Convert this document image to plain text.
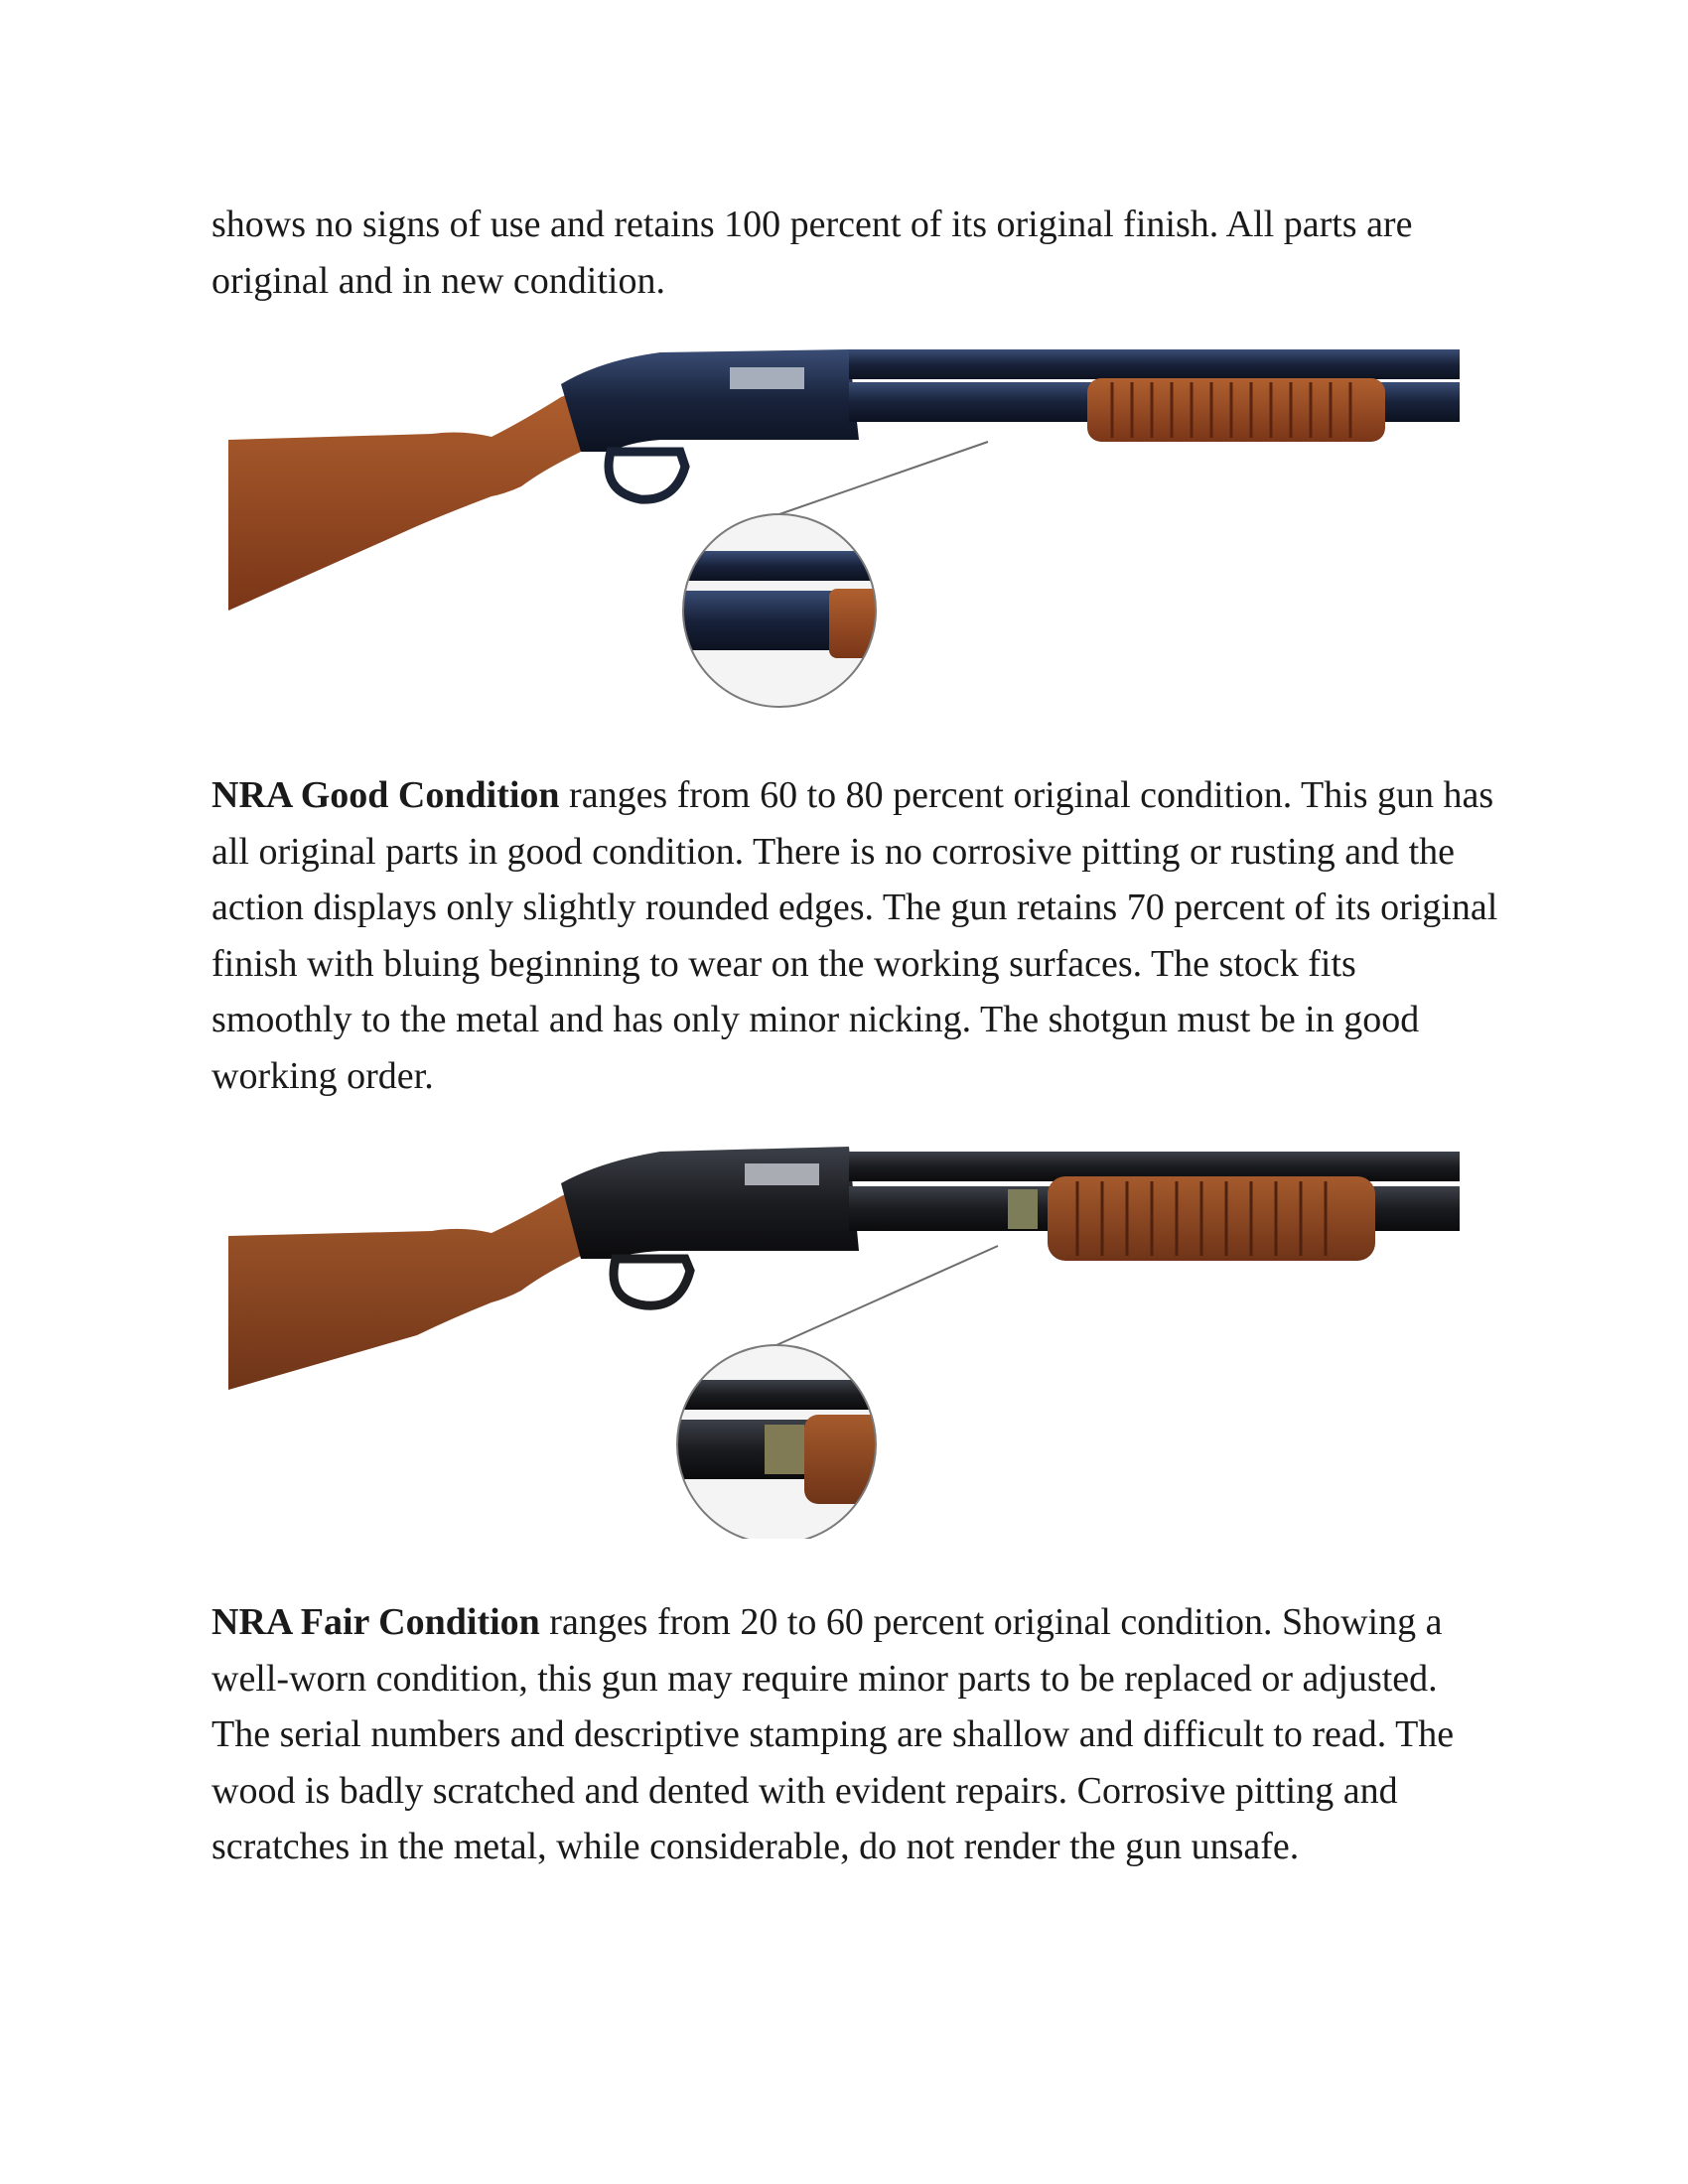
shows no signs of use and retains 100 percent of its original finish. All parts are original and in new condition.

NRA Good Condition ranges from 60 to 80 percent original condition. This gun has all original parts in good condition. There is no corrosive pitting or rusting and the action displays only slightly rounded edges. The gun retains 70 percent of its original finish with bluing beginning to wear on the working surfaces. The stock fits smoothly to the metal and has only minor nicking. The shotgun must be in good working order.

NRA Fair Condition ranges from 20 to 60 percent original condition. Showing a well-worn condition, this gun may require minor parts to be replaced or adjusted. The serial numbers and descriptive stamping are shallow and difficult to read. The wood is badly scratched and dented with evident repairs. Corrosive pitting and scratches in the metal, while considerable, do not render the gun unsafe.
